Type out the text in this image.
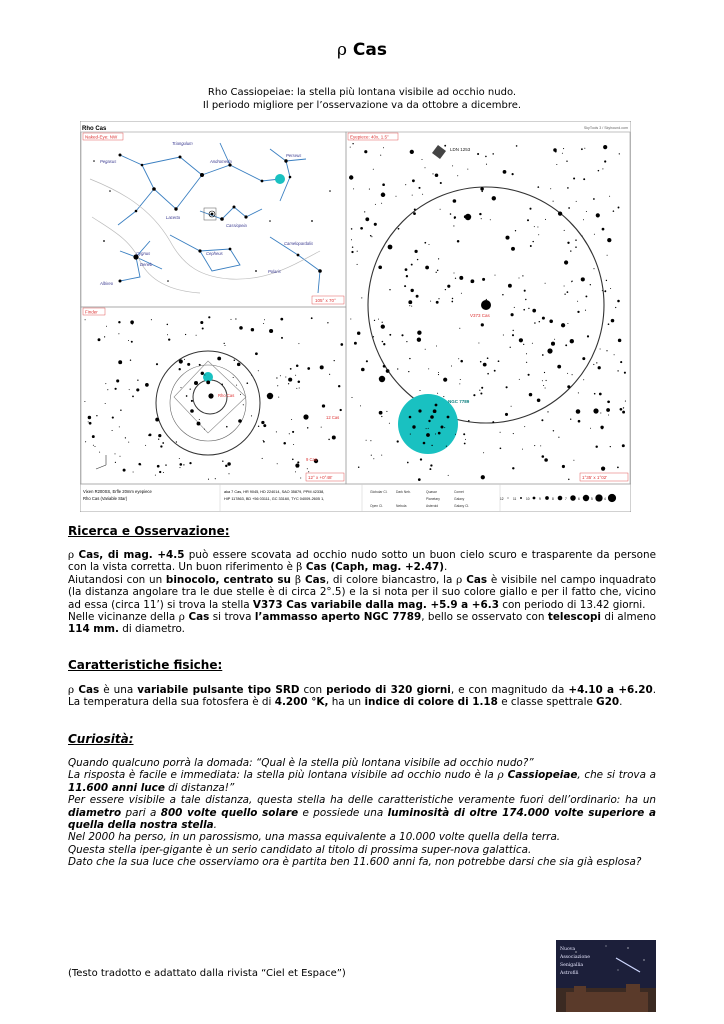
ρ Cas
Rho Cassiopeiae: la stella più lontana visibile ad occhio nudo.
Il periodo migliore per l’osservazione va da ottobre a dicembre.
Rho Cas	SkyTools 3 / Skyhound.com
Naked-Eye: NW	Eyepiece: 40x, 1.5°
Finder
105° x 70°
1°35' x 1°02'
12° x +0°48'
Triangulum
Pegasus	Andromeda
Perseus
Lacerta
Cassiopeia
Cygnus	Cepheus
Camelopardalis
Deneb
Polaris
Albireo
Rho Cas
12 Cas
9 Cas
LDN 1253
V373 Cas
NGC 7789
Vixen R200SS, Erfle 20mm eyepiece
Rho Cas (Variable Star)
aka 7 Cas, HR 9045, HD 224014, SAO 35879, PPM 42338,
HIP 117863, BD +56 03111, GC 33160, TYC 04009-2605 1,
Globular Cl.	Dark Neb.	Quasar	Comet
Planetary	Galaxy
Open Cl.	Nebula	Asteroid	Galaxy Cl.
12	11	10	9	8	7	6	5	4
Ricerca e Osservazione:
ρ Cas, di mag. +4.5 può essere scovata ad occhio nudo sotto un buon cielo scuro e trasparente da persone con la vista corretta. Un buon riferimento è β Cas (Caph, mag. +2.47).
Aiutandosi con un binocolo, centrato su β Cas, di colore biancastro, la ρ Cas è visibile nel campo inquadrato (la distanza angolare tra le due stelle è di circa 2°.5) e la si nota per il suo colore giallo e per il fatto che, vicino ad essa (circa 11’) si trova la stella V373 Cas variabile dalla mag. +5.9 a +6.3 con periodo di 13.42 giorni.
Nelle vicinanze della ρ Cas si trova l’ammasso aperto NGC 7789, bello se osservato con telescopi di almeno 114 mm. di diametro.
Caratteristiche fisiche:
ρ Cas è una variabile pulsante tipo SRD con periodo di 320 giorni, e con magnitudo da +4.10 a +6.20. La temperatura della sua fotosfera è di 4.200 °K, ha un indice di colore di 1.18 e classe spettrale G20.
Curiosità:
Quando qualcuno porrà la domada: “Qual è la stella più lontana visibile ad occhio nudo?”
La risposta è facile e immediata: la stella più lontana visibile ad occhio nudo è la ρ Cassiopeiae, che si trova a 11.600 anni luce di distanza!”
Per essere visibile a tale distanza, questa stella ha delle caratteristiche veramente fuori dell’ordinario: ha un diametro pari a 800 volte quello solare e possiede una luminosità di oltre 174.000 volte superiore a quella della nostra stella.
Nel 2000 ha perso, in un parossismo, una massa equivalente a 10.000 volte quella della terra.
Questa stella iper-gigante è un serio candidato al titolo di prossima super-nova galattica.
Dato che la sua luce che osserviamo ora è partita ben 11.600 anni fa, non potrebbe darsi che sia già esplosa?
(Testo tradotto e adattato dalla rivista “Ciel et Espace”)
Nuova
Associazione
Senigallia
Astrofili
